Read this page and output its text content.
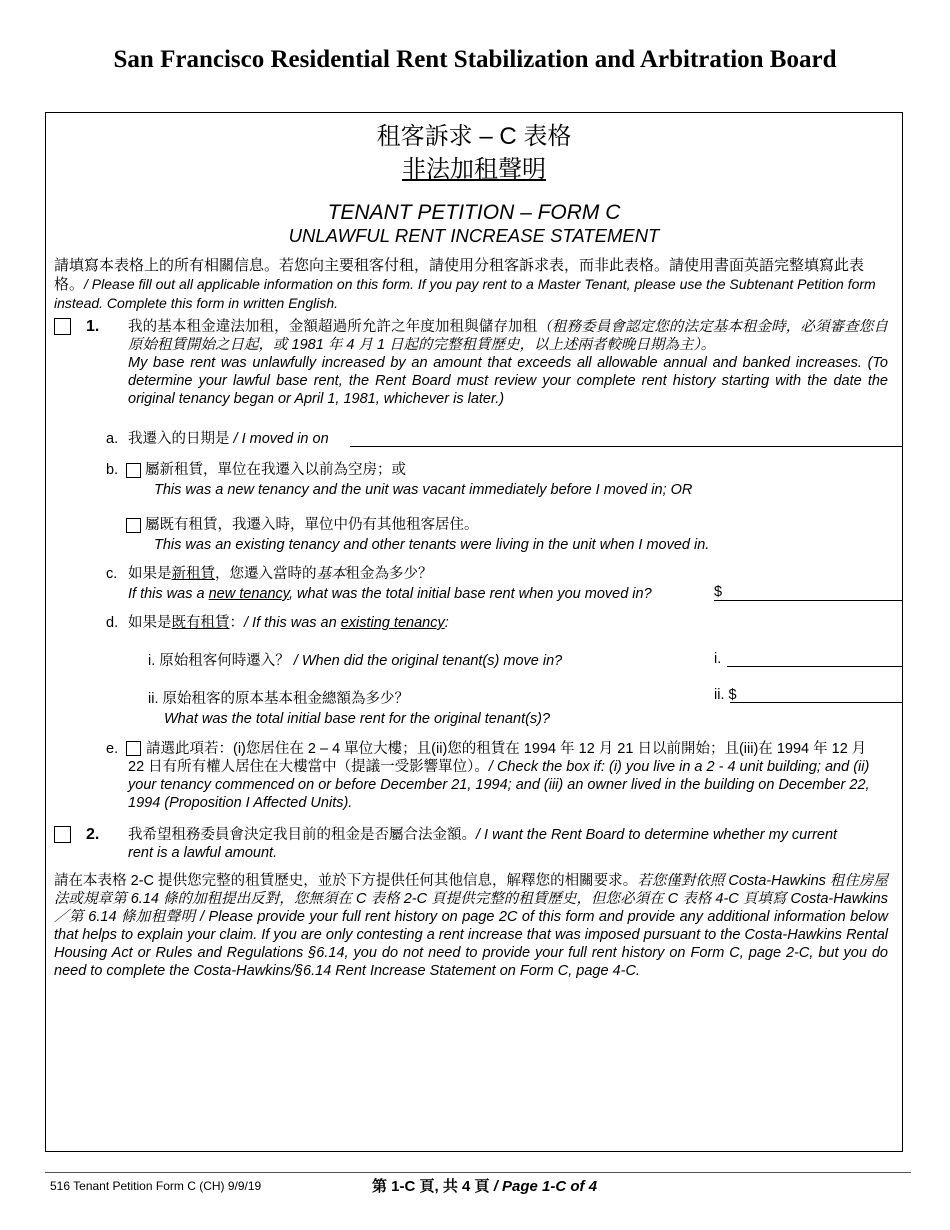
San Francisco Residential Rent Stabilization and Arbitration Board
租客訴求 – C 表格
非法加租聲明
TENANT PETITION – FORM C
UNLAWFUL RENT INCREASE STATEMENT
請填寫本表格上的所有相關信息。若您向主要租客付租，請使用分租客訴求表，而非此表格。請使用書面英語完整填寫此表格。/ Please fill out all applicable information on this form. If you pay rent to a Master Tenant, please use the Subtenant Petition form instead. Complete this form in written English.
1. 我的基本租金違法加租，金額超過所允許之年度加租與儲存加租（租務委員會認定您的法定基本租金時，必須審查您自原始租賃開始之日起，或 1981 年 4 月 1 日起的完整租賃歷史，以上述兩者較晚日期為主）。
My base rent was unlawfully increased by an amount that exceeds all allowable annual and banked increases. (To determine your lawful base rent, the Rent Board must review your complete rent history starting with the date the original tenancy began or April 1, 1981, whichever is later.)
a. 我遷入的日期是 / I moved in on
b. 屬新租賃，單位在我遷入以前為空房；或
This was a new tenancy and the unit was vacant immediately before I moved in; OR
屬既有租賃，我遷入時，單位中仍有其他租客居住。
This was an existing tenancy and other tenants were living in the unit when I moved in.
c. 如果是新租賃，您遷入當時的基本租金為多少？
If this was a new tenancy, what was the total initial base rent when you moved in?	$
d. 如果是既有租賃：/ If this was an existing tenancy:
i. 原始租客何時遷入？ / When did the original tenant(s) move in?	i.
ii. 原始租客的原本基本租金總額為多少？
What was the total initial base rent for the original tenant(s)?
ii. $
e.	請選此項若：(i)您居住在 2 – 4 單位大樓；且(ii)您的租賃在 1994 年 12 月 21 日以前開始；且(iii)在 1994 年 12 月 22 日有所有權人居住在大樓當中（提議一受影響單位）。/ Check the box if: (i) you live in a 2 - 4 unit building; and (ii) your tenancy commenced on or before December 21, 1994; and (iii) an owner lived in the building on December 22, 1994 (Proposition I Affected Units).
2. 我希望租務委員會決定我目前的租金是否屬合法金額。/ I want the Rent Board to determine whether my current rent is a lawful amount.
請在本表格 2-C 提供您完整的租賃歷史，並於下方提供任何其他信息，解釋您的相關要求。若您僅對依照 Costa-Hawkins 租住房屋法或規章第 6.14 條的加租提出反對，您無須在 C 表格 2-C 頁提供完整的租賃歷史，但您必須在 C 表格 4-C 頁填寫 Costa-Hawkins／第 6.14 條加租聲明 / Please provide your full rent history on page 2C of this form and provide any additional information below that helps to explain your claim. If you are only contesting a rent increase that was imposed pursuant to the Costa-Hawkins Rental Housing Act or Rules and Regulations §6.14, you do not need to provide your full rent history on Form C, page 2-C, but you do need to complete the Costa-Hawkins/§6.14 Rent Increase Statement on Form C, page 4-C.
516 Tenant Petition Form C (CH) 9/9/19	第 1-C 頁, 共 4 頁 / Page 1-C of 4
